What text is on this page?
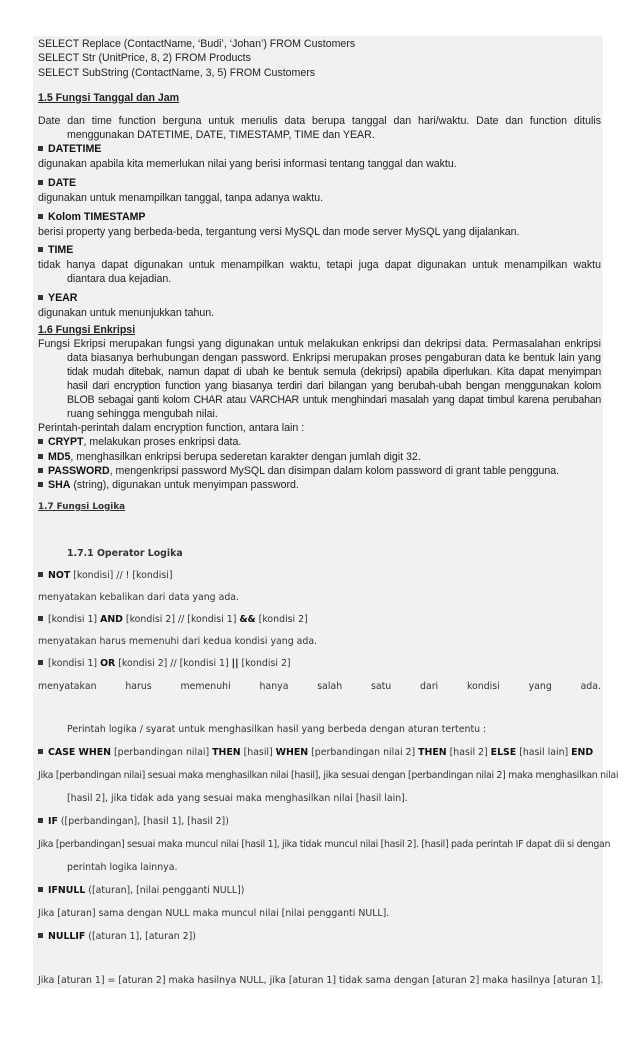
SELECT Replace (ContactName, ‘Budi’, ‘Johan’) FROM Customers
SELECT Str (UnitPrice, 8, 2) FROM Products
SELECT SubString (ContactName, 3, 5) FROM Customers
1.5 Fungsi Tanggal dan Jam
Date dan time function berguna untuk menulis data berupa tanggal dan hari/waktu. Date dan function ditulis
menggunakan DATETIME, DATE, TIMESTAMP, TIME dan YEAR.
DATETIME
digunakan apabila kita memerlukan nilai yang berisi informasi tentang tanggal dan waktu.
DATE
digunakan untuk menampilkan tanggal, tanpa adanya waktu.
Kolom TIMESTAMP
berisi property yang berbeda-beda, tergantung versi MySQL dan mode server MySQL yang dijalankan.
TIME
tidak hanya dapat digunakan untuk menampilkan waktu, tetapi juga dapat digunakan untuk menampilkan waktu
diantara dua kejadian.
YEAR
digunakan untuk menunjukkan tahun.
1.6 Fungsi Enkripsi
Fungsi Ekripsi merupakan fungsi yang digunakan untuk melakukan enkripsi dan dekripsi data. Permasalahan enkripsi
data biasanya berhubungan dengan password. Enkripsi merupakan proses pengaburan data ke bentuk lain yang
tidak mudah ditebak, namun dapat di ubah ke bentuk semula (dekripsi) apabila diperlukan. Kita dapat menyimpan
hasil dari encryption function yang biasanya terdiri dari bilangan yang berubah-ubah bengan menggunakan kolom
BLOB sebagai ganti kolom CHAR atau VARCHAR untuk menghindari masalah yang dapat timbul karena perubahan
ruang sehingga mengubah nilai.
Perintah-perintah dalam encryption function, antara lain :
CRYPT, melakukan proses enkripsi data.
MD5, menghasilkan enkripsi berupa sederetan karakter dengan jumlah digit 32.
PASSWORD, mengenkripsi password MySQL dan disimpan dalam kolom password di grant table pengguna.
SHA (string), digunakan untuk menyimpan password.
1.7 Fungsi Logika
1.7.1 Operator Logika
NOT [kondisi] // ! [kondisi]
menyatakan kebalikan dari data yang ada.
[kondisi 1] AND [kondisi 2] // [kondisi 1] && [kondisi 2]
menyatakan harus memenuhi dari kedua kondisi yang ada.
[kondisi 1] OR [kondisi 2] // [kondisi 1] || [kondisi 2]
menyatakan	harus	memenuhi	hanya	salah	satu	dari	kondisi	yang	ada.
Perintah logika / syarat untuk menghasilkan hasil yang berbeda dengan aturan tertentu :
CASE WHEN [perbandingan nilai] THEN [hasil] WHEN [perbandingan nilai 2] THEN [hasil 2] ELSE [hasil lain] END
Jika [perbandingan nilai] sesuai maka menghasilkan nilai [hasil], jika sesuai dengan [perbandingan nilai 2] maka menghasilkan nilai
[hasil 2], jika tidak ada yang sesuai maka menghasilkan nilai [hasil lain].
IF ([perbandingan], [hasil 1], [hasil 2])
Jika [perbandingan] sesuai maka muncul nilai [hasil 1], jika tidak muncul nilai [hasil 2]. [hasil] pada perintah IF dapat dii si dengan
perintah logika lainnya.
IFNULL ([aturan], [nilai pengganti NULL])
Jika [aturan] sama dengan NULL maka muncul nilai [nilai pengganti NULL].
NULLIF ([aturan 1], [aturan 2])
Jika [aturan 1] = [aturan 2] maka hasilnya NULL, jika [aturan 1] tidak sama dengan [aturan 2] maka hasilnya [aturan 1].
